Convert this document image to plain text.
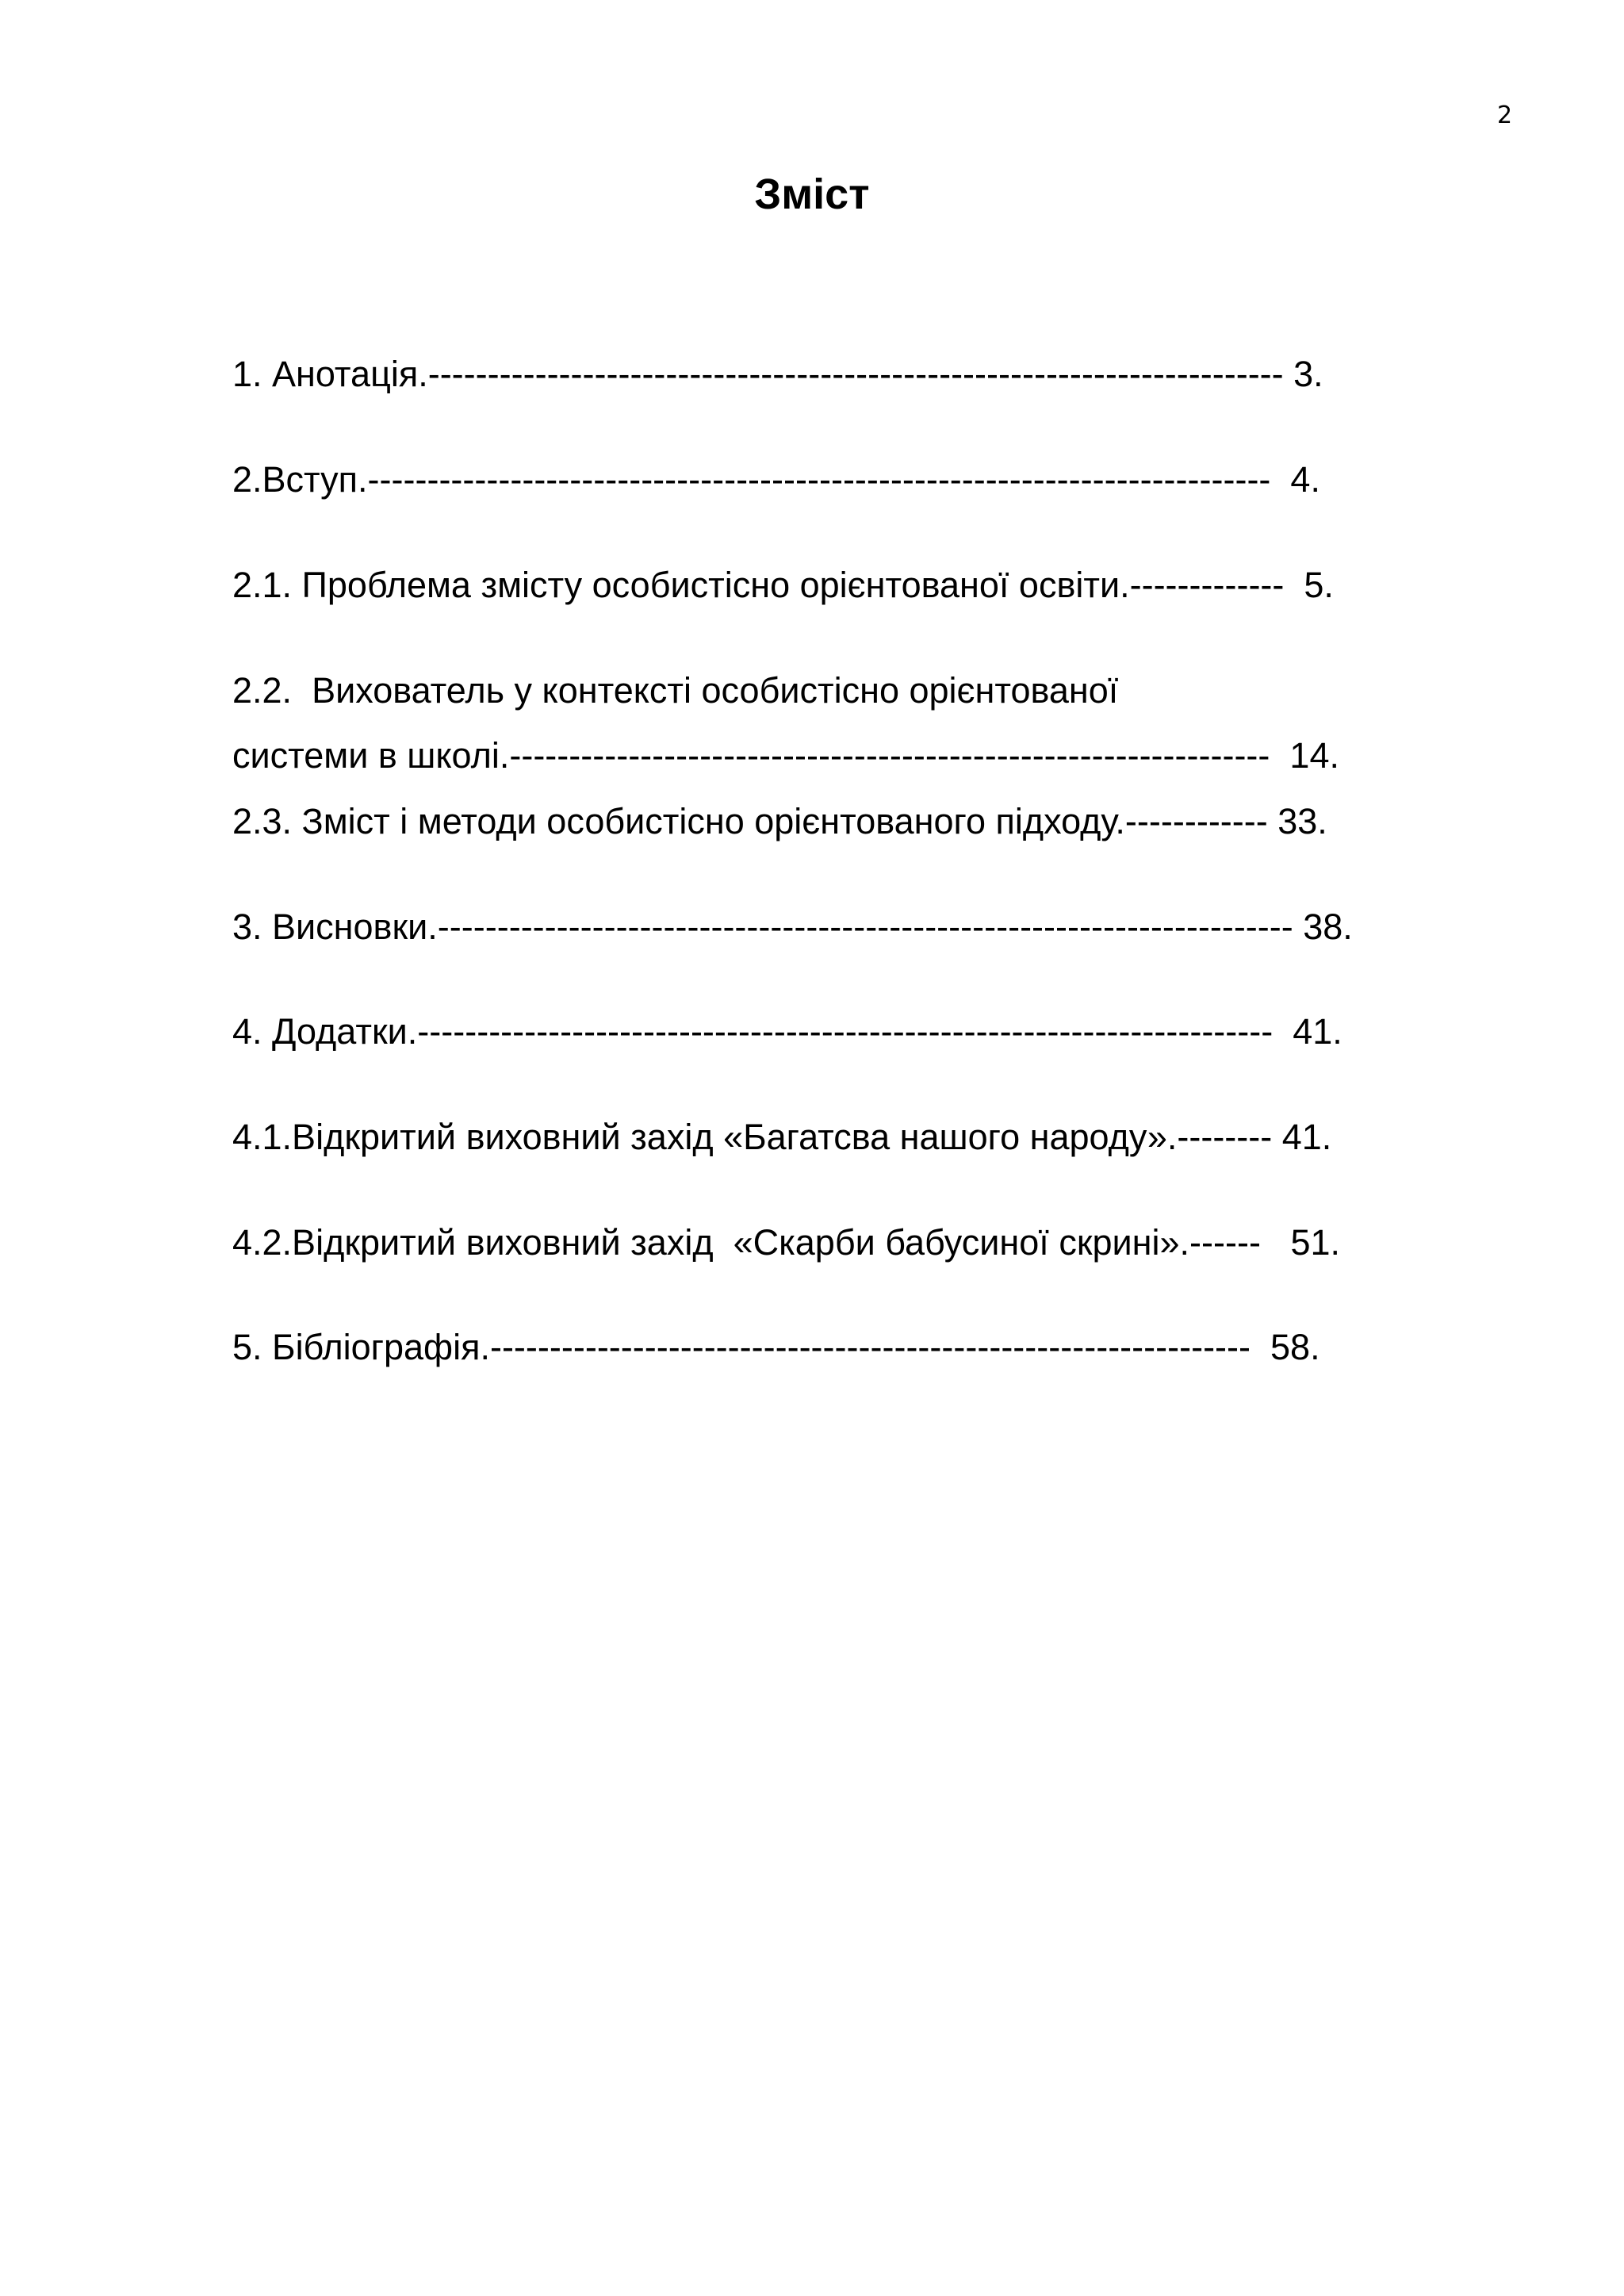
2
Зміст
1. Анотація.------------------------------------------------------------------------ 3.
2.Вступ.----------------------------------------------------------------------------  4.
2.1. Проблема змісту особистісно орієнтованої освіти.-------------  5.
2.2.  Вихователь у контексті особистісно орієнтованої
системи в школі.----------------------------------------------------------------  14.
2.3. Зміст і методи особистісно орієнтованого підходу.------------ 33.
3. Висновки.------------------------------------------------------------------------ 38.
4. Додатки.------------------------------------------------------------------------  41.
4.1.Відкритий виховний захід «Багатсва нашого народу».-------- 41.
4.2.Відкритий виховний захід  «Скарби бабусиної скрині».------   51.
5. Бібліографія.----------------------------------------------------------------  58.
